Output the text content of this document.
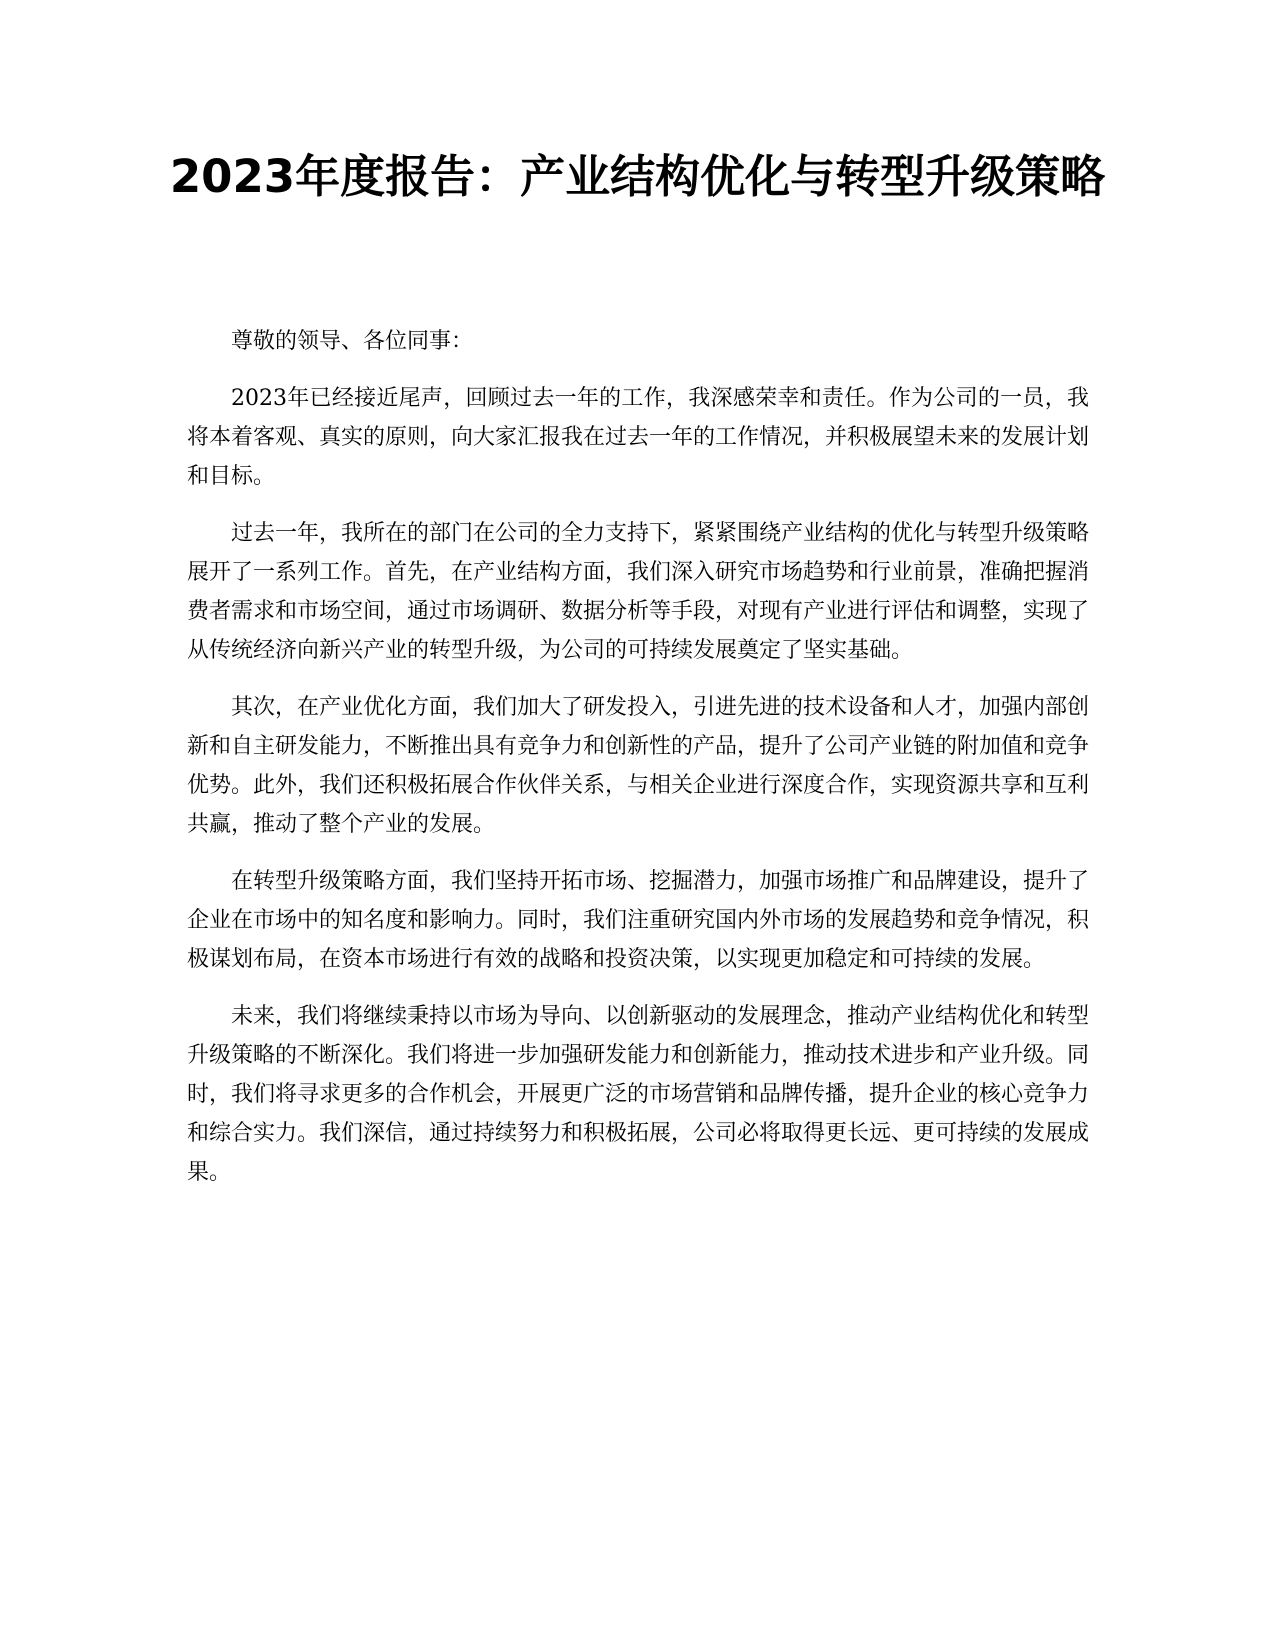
2023年度报告：产业结构优化与转型升级策略

尊敬的领导、各位同事：

2023年已经接近尾声，回顾过去一年的工作，我深感荣幸和责任。作为公司的一员，我将本着客观、真实的原则，向大家汇报我在过去一年的工作情况，并积极展望未来的发展计划和目标。

过去一年，我所在的部门在公司的全力支持下，紧紧围绕产业结构的优化与转型升级策略展开了一系列工作。首先，在产业结构方面，我们深入研究市场趋势和行业前景，准确把握消费者需求和市场空间，通过市场调研、数据分析等手段，对现有产业进行评估和调整，实现了从传统经济向新兴产业的转型升级，为公司的可持续发展奠定了坚实基础。

其次，在产业优化方面，我们加大了研发投入，引进先进的技术设备和人才，加强内部创新和自主研发能力，不断推出具有竞争力和创新性的产品，提升了公司产业链的附加值和竞争优势。此外，我们还积极拓展合作伙伴关系，与相关企业进行深度合作，实现资源共享和互利共赢，推动了整个产业的发展。

在转型升级策略方面，我们坚持开拓市场、挖掘潜力，加强市场推广和品牌建设，提升了企业在市场中的知名度和影响力。同时，我们注重研究国内外市场的发展趋势和竞争情况，积极谋划布局，在资本市场进行有效的战略和投资决策，以实现更加稳定和可持续的发展。

未来，我们将继续秉持以市场为导向、以创新驱动的发展理念，推动产业结构优化和转型升级策略的不断深化。我们将进一步加强研发能力和创新能力，推动技术进步和产业升级。同时，我们将寻求更多的合作机会，开展更广泛的市场营销和品牌传播，提升企业的核心竞争力和综合实力。我们深信，通过持续努力和积极拓展，公司必将取得更长远、更可持续的发展成果。
